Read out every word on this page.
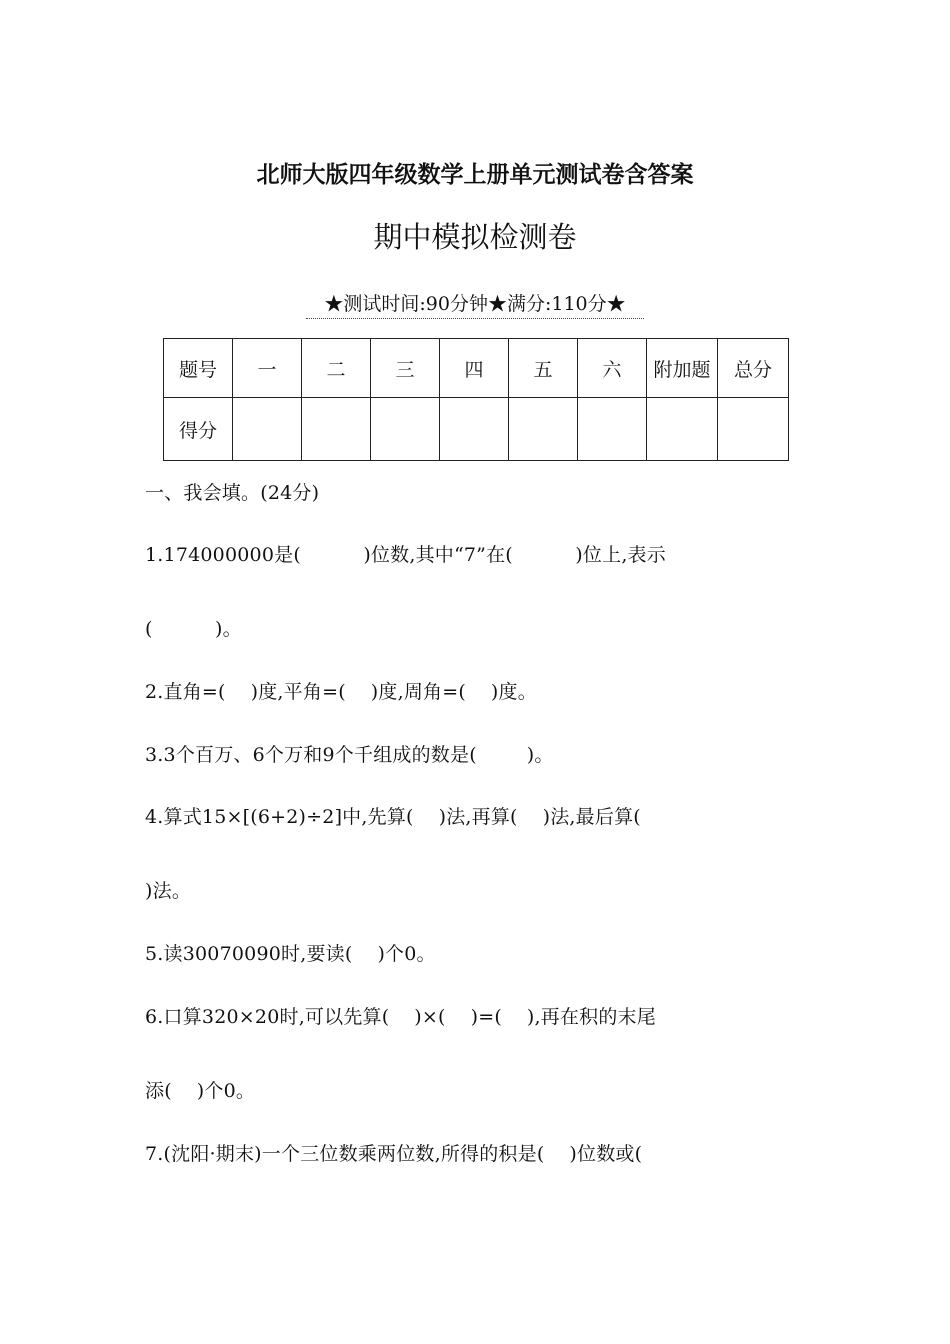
北师大版四年级数学上册单元测试卷含答案
期中模拟检测卷
★测试时间:90分钟★满分:110分★
题号	一	二	三	四	五	六	附加题	总分
得分								
一、我会填。(24分)
1.174000000是(          )位数,其中“7”在(          )位上,表示
(          )。
2.直角=(    )度,平角=(    )度,周角=(    )度。
3.3个百万、6个万和9个千组成的数是(        )。
4.算式15×[(6+2)÷2]中,先算(    )法,再算(    )法,最后算(
)法。
5.读30070090时,要读(    )个0。
6.口算320×20时,可以先算(    )×(    )=(    ),再在积的末尾
添(    )个0。
7.(沈阳·期末)一个三位数乘两位数,所得的积是(    )位数或(
